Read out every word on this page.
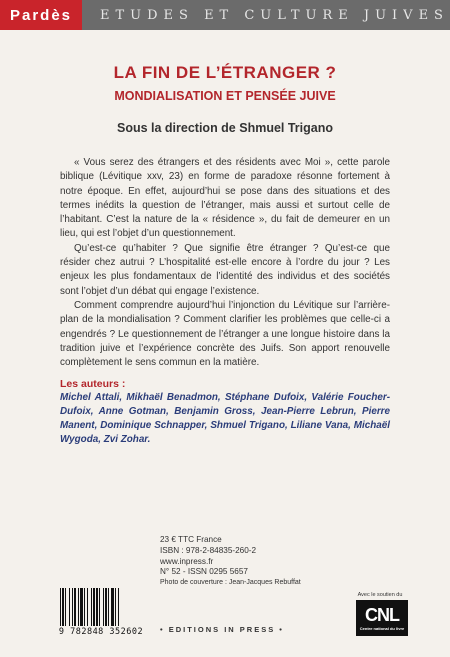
Pardès	ETUDES ET CULTURE JUIVES
LA FIN DE L’ÉTRANGER ?
MONDIALISATION ET PENSÉE JUIVE
Sous la direction de Shmuel Trigano

« Vous serez des étrangers et des résidents avec Moi », cette parole biblique (Lévitique xxv, 23) en forme de paradoxe résonne fortement à notre époque. En effet, aujourd’hui se pose dans des situations et des termes inédits la question de l’étranger, mais aussi et surtout celle de l’habitant. C’est la nature de la « résidence », du fait de demeurer en un lieu, qui est l’objet d’un questionnement.

Qu’est-ce qu’habiter ? Que signifie être étranger ? Qu’est-ce que résider chez autrui ? L’hospitalité est-elle encore à l’ordre du jour ? Les enjeux les plus fondamentaux de l’identité des individus et des sociétés sont l’objet d’un débat qui engage l’existence.

Comment comprendre aujourd’hui l’injonction du Lévitique sur l’arrière-plan de la mondialisation ? Comment clarifier les problèmes que celle-ci a engendrés ? Le questionnement de l’étranger a une longue histoire dans la tradition juive et l’expérience concrète des Juifs. Son apport renouvelle complètement le sens commun en la matière.

Les auteurs :
Michel Attali, Mikhaël Benadmon, Stéphane Dufoix, Valérie Foucher-Dufoix, Anne Gotman, Benjamin Gross, Jean-Pierre Lebrun, Pierre Manent, Dominique Schnapper, Shmuel Trigano, Liliane Vana, Michaël Wygoda, Zvi Zohar.
23 € TTC France
ISBN : 978-2-84835-260-2
www.inpress.fr
N° 52 - ISSN 0295 5657
Photo de couverture : Jean-Jacques Rebuffat
9 782848 352602	• EDITIONS IN PRESS •
Avec le soutien du
CNL
Centre national du livre
